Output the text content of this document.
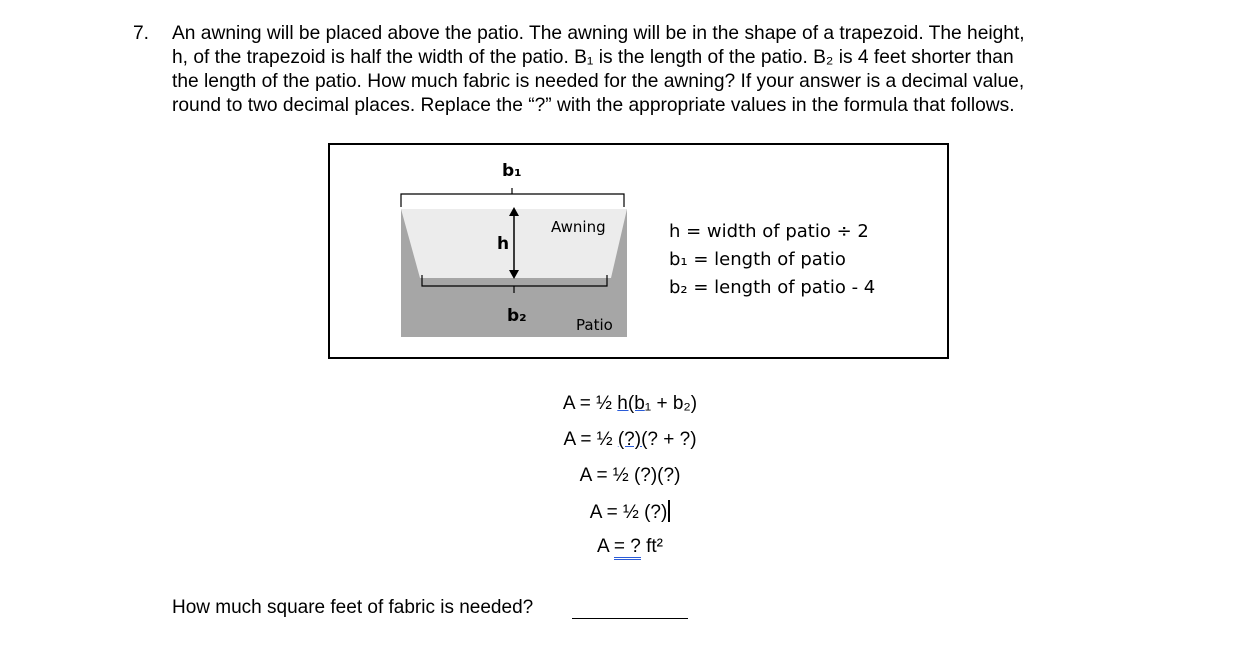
7. An awning will be placed above the patio. The awning will be in the shape of a trapezoid. The height,
h, of the trapezoid is half the width of the patio. B₁ is the length of the patio. B₂ is 4 feet shorter than
the length of the patio. How much fabric is needed for the awning? If your answer is a decimal value,
round to two decimal places. Replace the “?” with the appropriate values in the formula that follows.
b₁
h
b₂
Awning
Patio
h = width of patio ÷ 2
b₁ = length of patio
b₂ = length of patio - 4
A = ½ h(b₁ + b₂)
A = ½ (?)(? + ?)
A = ½ (?)(?)
A = ½ (?)
A = ? ft²
How much square feet of fabric is needed?
